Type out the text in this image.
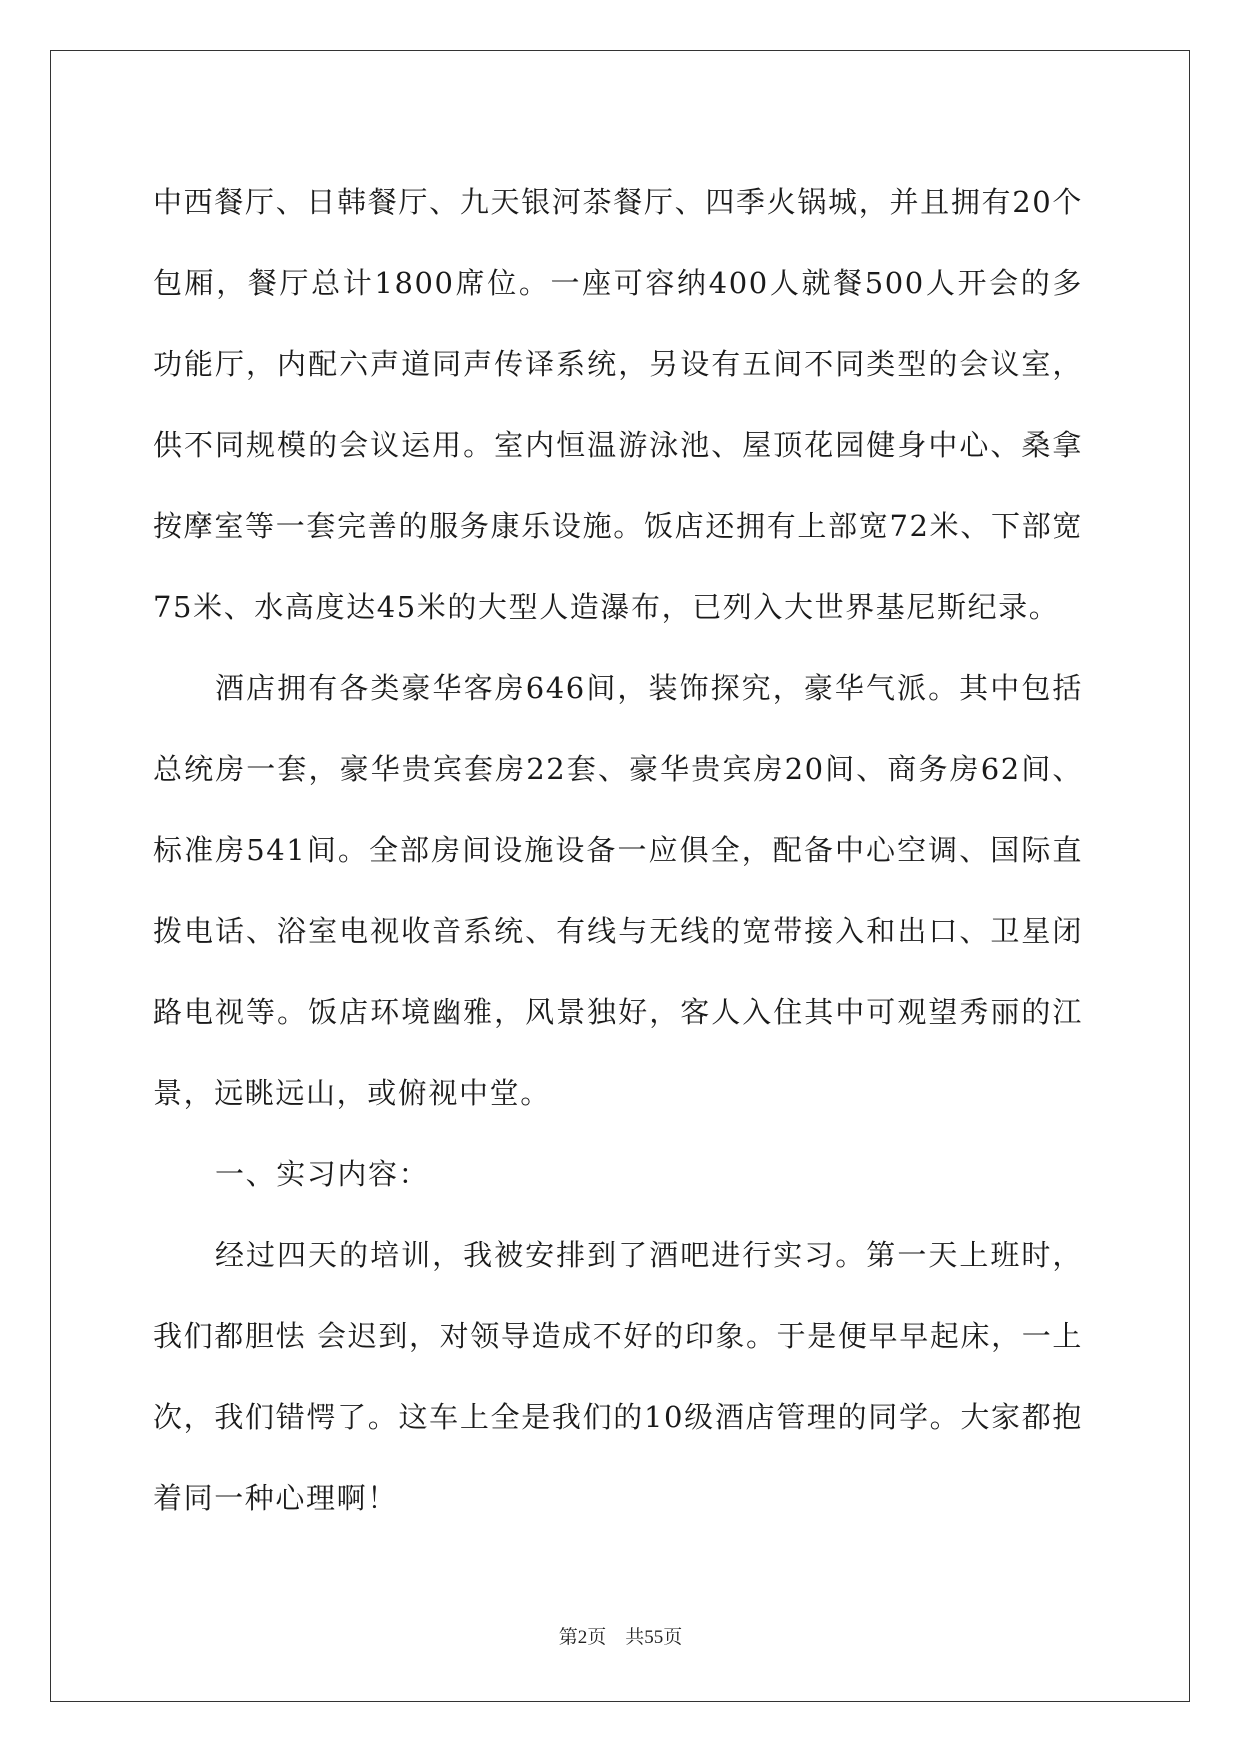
中西餐厅、日韩餐厅、九天银河茶餐厅、四季火锅城，并且拥有20个包厢，餐厅总计1800席位。一座可容纳400人就餐500人开会的多功能厅，内配六声道同声传译系统，另设有五间不同类型的会议室，供不同规模的会议运用。室内恒温游泳池、屋顶花园健身中心、桑拿按摩室等一套完善的服务康乐设施。饭店还拥有上部宽72米、下部宽75米、水高度达45米的大型人造瀑布，已列入大世界基尼斯纪录。

酒店拥有各类豪华客房646间，装饰探究，豪华气派。其中包括总统房一套，豪华贵宾套房22套、豪华贵宾房20间、商务房62间、标准房541间。全部房间设施设备一应俱全，配备中心空调、国际直拨电话、浴室电视收音系统、有线与无线的宽带接入和出口、卫星闭路电视等。饭店环境幽雅，风景独好，客人入住其中可观望秀丽的江景，远眺远山，或俯视中堂。

一、实习内容：

经过四天的培训，我被安排到了酒吧进行实习。第一天上班时，我们都胆怯 会迟到，对领导造成不好的印象。于是便早早起床，一上次，我们错愕了。这车上全是我们的10级酒店管理的同学。大家都抱着同一种心理啊！

第2页 共55页
